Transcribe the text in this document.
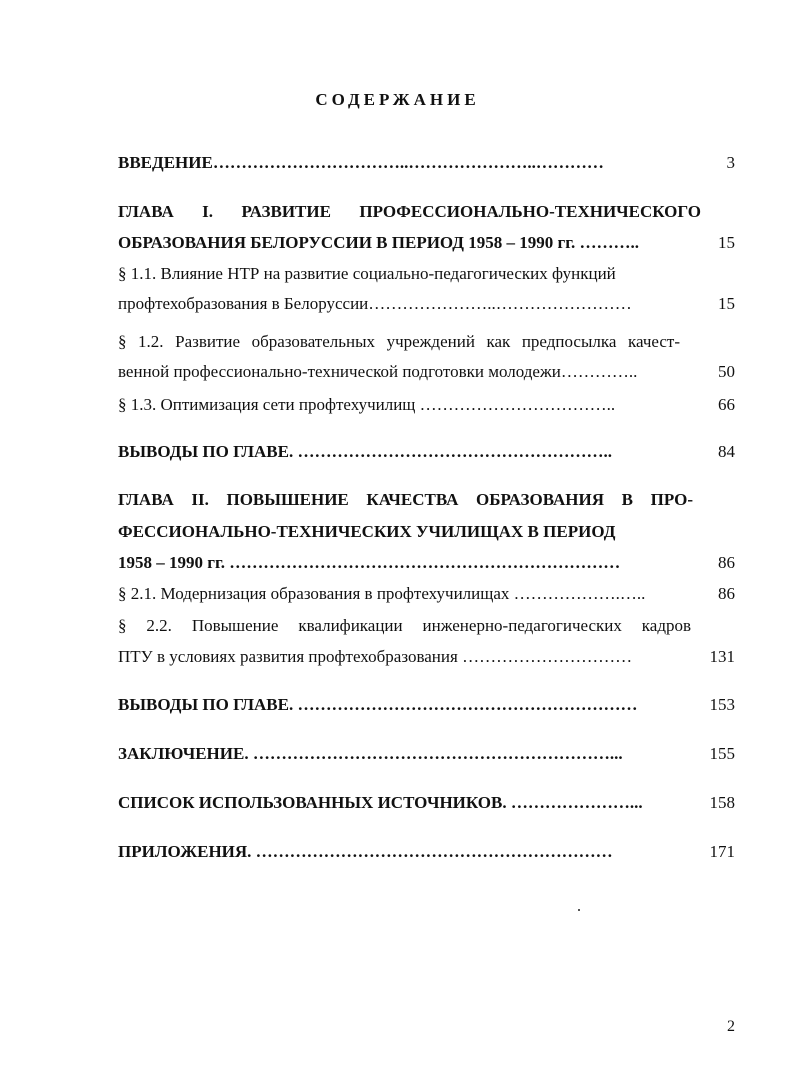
СОДЕРЖАНИЕ
ВВЕДЕНИЕ……………………………..…………………..…………	3
ГЛАВА I. РАЗВИТИЕ ПРОФЕССИОНАЛЬНО-ТЕХНИЧЕСКОГО
ОБРАЗОВАНИЯ БЕЛОРУССИИ В ПЕРИОД 1958 – 1990 гг. ………..	15
§ 1.1. Влияние НТР на развитие социально-педагогических функций
профтехобразования в Белоруссии…………………..……………………	15
§ 1.2. Развитие образовательных учреждений как предпосылка качест-
венной профессионально-технической подготовки молодежи…………..	50
§ 1.3. Оптимизация сети профтехучилищ ……………………………..	66
ВЫВОДЫ ПО ГЛАВЕ. ………………………………………………..	84
ГЛАВА II. ПОВЫШЕНИЕ КАЧЕСТВА ОБРАЗОВАНИЯ В ПРО-
ФЕССИОНАЛЬНО-ТЕХНИЧЕСКИХ УЧИЛИЩАХ В ПЕРИОД
1958 – 1990 гг. ……………………………………………………………	86
§ 2.1. Модернизация образования в профтехучилищах ……………….…..	86
§ 2.2. Повышение квалификации инженерно-педагогических кадров
ПТУ в условиях развития профтехобразования …………………………	131
ВЫВОДЫ ПО ГЛАВЕ. ……………………………………………………	153
ЗАКЛЮЧЕНИЕ. ………………………………………………………...	155
СПИСОК ИСПОЛЬЗОВАННЫХ ИСТОЧНИКОВ. …………………...	158
ПРИЛОЖЕНИЯ. ………………………………………………………	171
2
